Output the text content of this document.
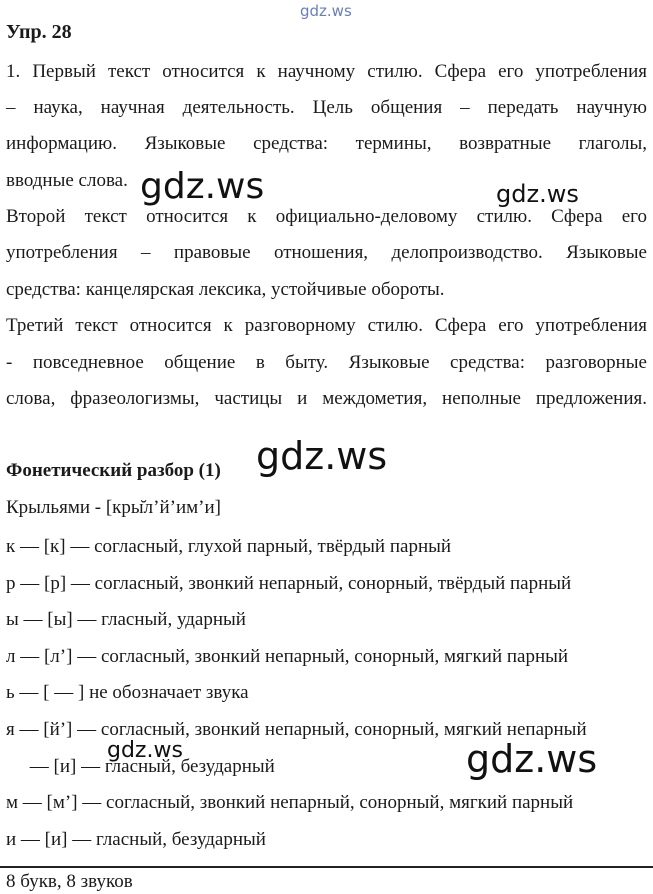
gdz.ws
Упр. 28
1. Первый текст относится к научному стилю. Сфера его употребления
– наука, научная деятельность. Цель общения – передать научную
информацию. Языковые средства: термины, возвратные глаголы,
вводные слова.
Второй текст относится к официально-деловому стилю. Сфера его
употребления – правовые отношения, делопроизводство. Языковые
средства: канцелярская лексика, устойчивые обороты.
Третий текст относится к разговорному стилю. Сфера его употребления
- повседневное общение в быту. Языковые средства: разговорные
слова, фразеологизмы, частицы и междометия, неполные предложения.
Фонетический разбор (1)
Крыльями - [кры̆л’й’им’и]
к — [к] — согласный, глухой парный, твёрдый парный
р — [р] — согласный, звонкий непарный, сонорный, твёрдый парный
ы — [ы] — гласный, ударный
л — [л’] — согласный, звонкий непарный, сонорный, мягкий парный
ь — [ — ] не обозначает звука
я — [й’] — согласный, звонкий непарный, сонорный, мягкий непарный
— [и] — гласный, безударный
м — [м’] — согласный, звонкий непарный, сонорный, мягкий парный
и — [и] — гласный, безударный
8 букв, 8 звуков
gdz.ws	gdz.ws
gdz.ws
gdz.ws	gdz.ws
